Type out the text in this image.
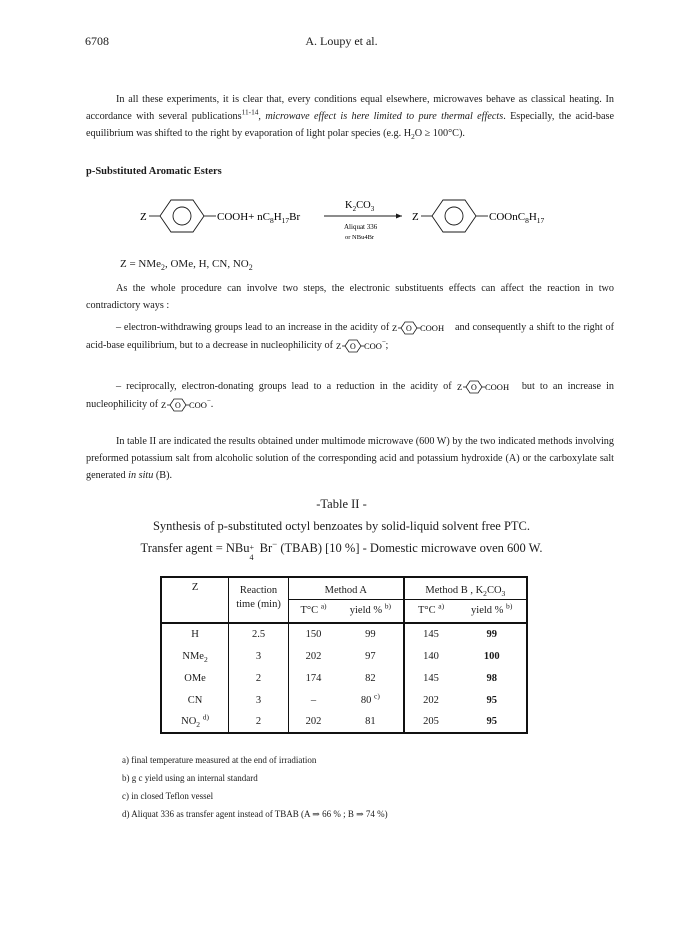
6708	A. Loupy et al.

In all these experiments, it is clear that, every conditions equal elsewhere, microwaves behave as classical heating. In accordance with several publications$^{11-14}$, microwave effect is here limited to pure thermal effects. Especially, the acid-base equilibrium was shifted to the right by evaporation of light polar species (e.g. $H_2O \ge 100^\circ C$).

p-Substituted Aromatic Esters
Z	COOH+ $nC_8H_{17}Br$
$K_2CO_3$
Aliquat 336
or NBu4Br
Z	$COOnC_8H_{17}$
Z = NMe$_2$, OMe, H, CN, $NO_2$

As the whole procedure can involve two steps, the electronic substituents effects can affect the reaction in two contradictory ways :

– electron-withdrawing groups lead to an increase in the acidity of Z O COOH and consequently a shift to the right of acid-base equilibrium, but to a decrease in nucleophilicity of Z O COO − ;

– reciprocally, electron-donating groups lead to a reduction in the acidity of Z O COOH but to an increase in nucleophilicity of Z O COO − .

In table II are indicated the results obtained under multimode microwave (600 W) by the two indicated methods involving preformed potassium salt from alcoholic solution of the corresponding acid and potassium hydroxide (A) or the carboxylate salt generated in situ (B).

-Table II -
Synthesis of p-substituted octyl benzoates by solid-liquid solvent free PTC.
Transfer agent = NBu +
4
Br− (TBAB) [10 %] - Domestic microwave oven 600 W.
Z	Reaction	Method A		Method B , $K_2CO_3$
	time (min)	T°C $^{a)}$	yield % $^{b)}$	T°C $^{a)}$	yield % $^{b)}$
H	2.5	150	99	145	99
NMe$_2$	3	202	97	140	100
OMe	2	174	82	145	98
CN	3	–	80 $^{c)}$	202	95
$NO_2$ $^{d)}$	2	202	81	205	95
a) final temperature measured at the end of irradiation
b) g c yield using an internal standard
c) in closed Teflon vessel
d) Aliquat 336 as transfer agent instead of TBAB (A ⇒ 66 % ; B ⇒ 74 %)
